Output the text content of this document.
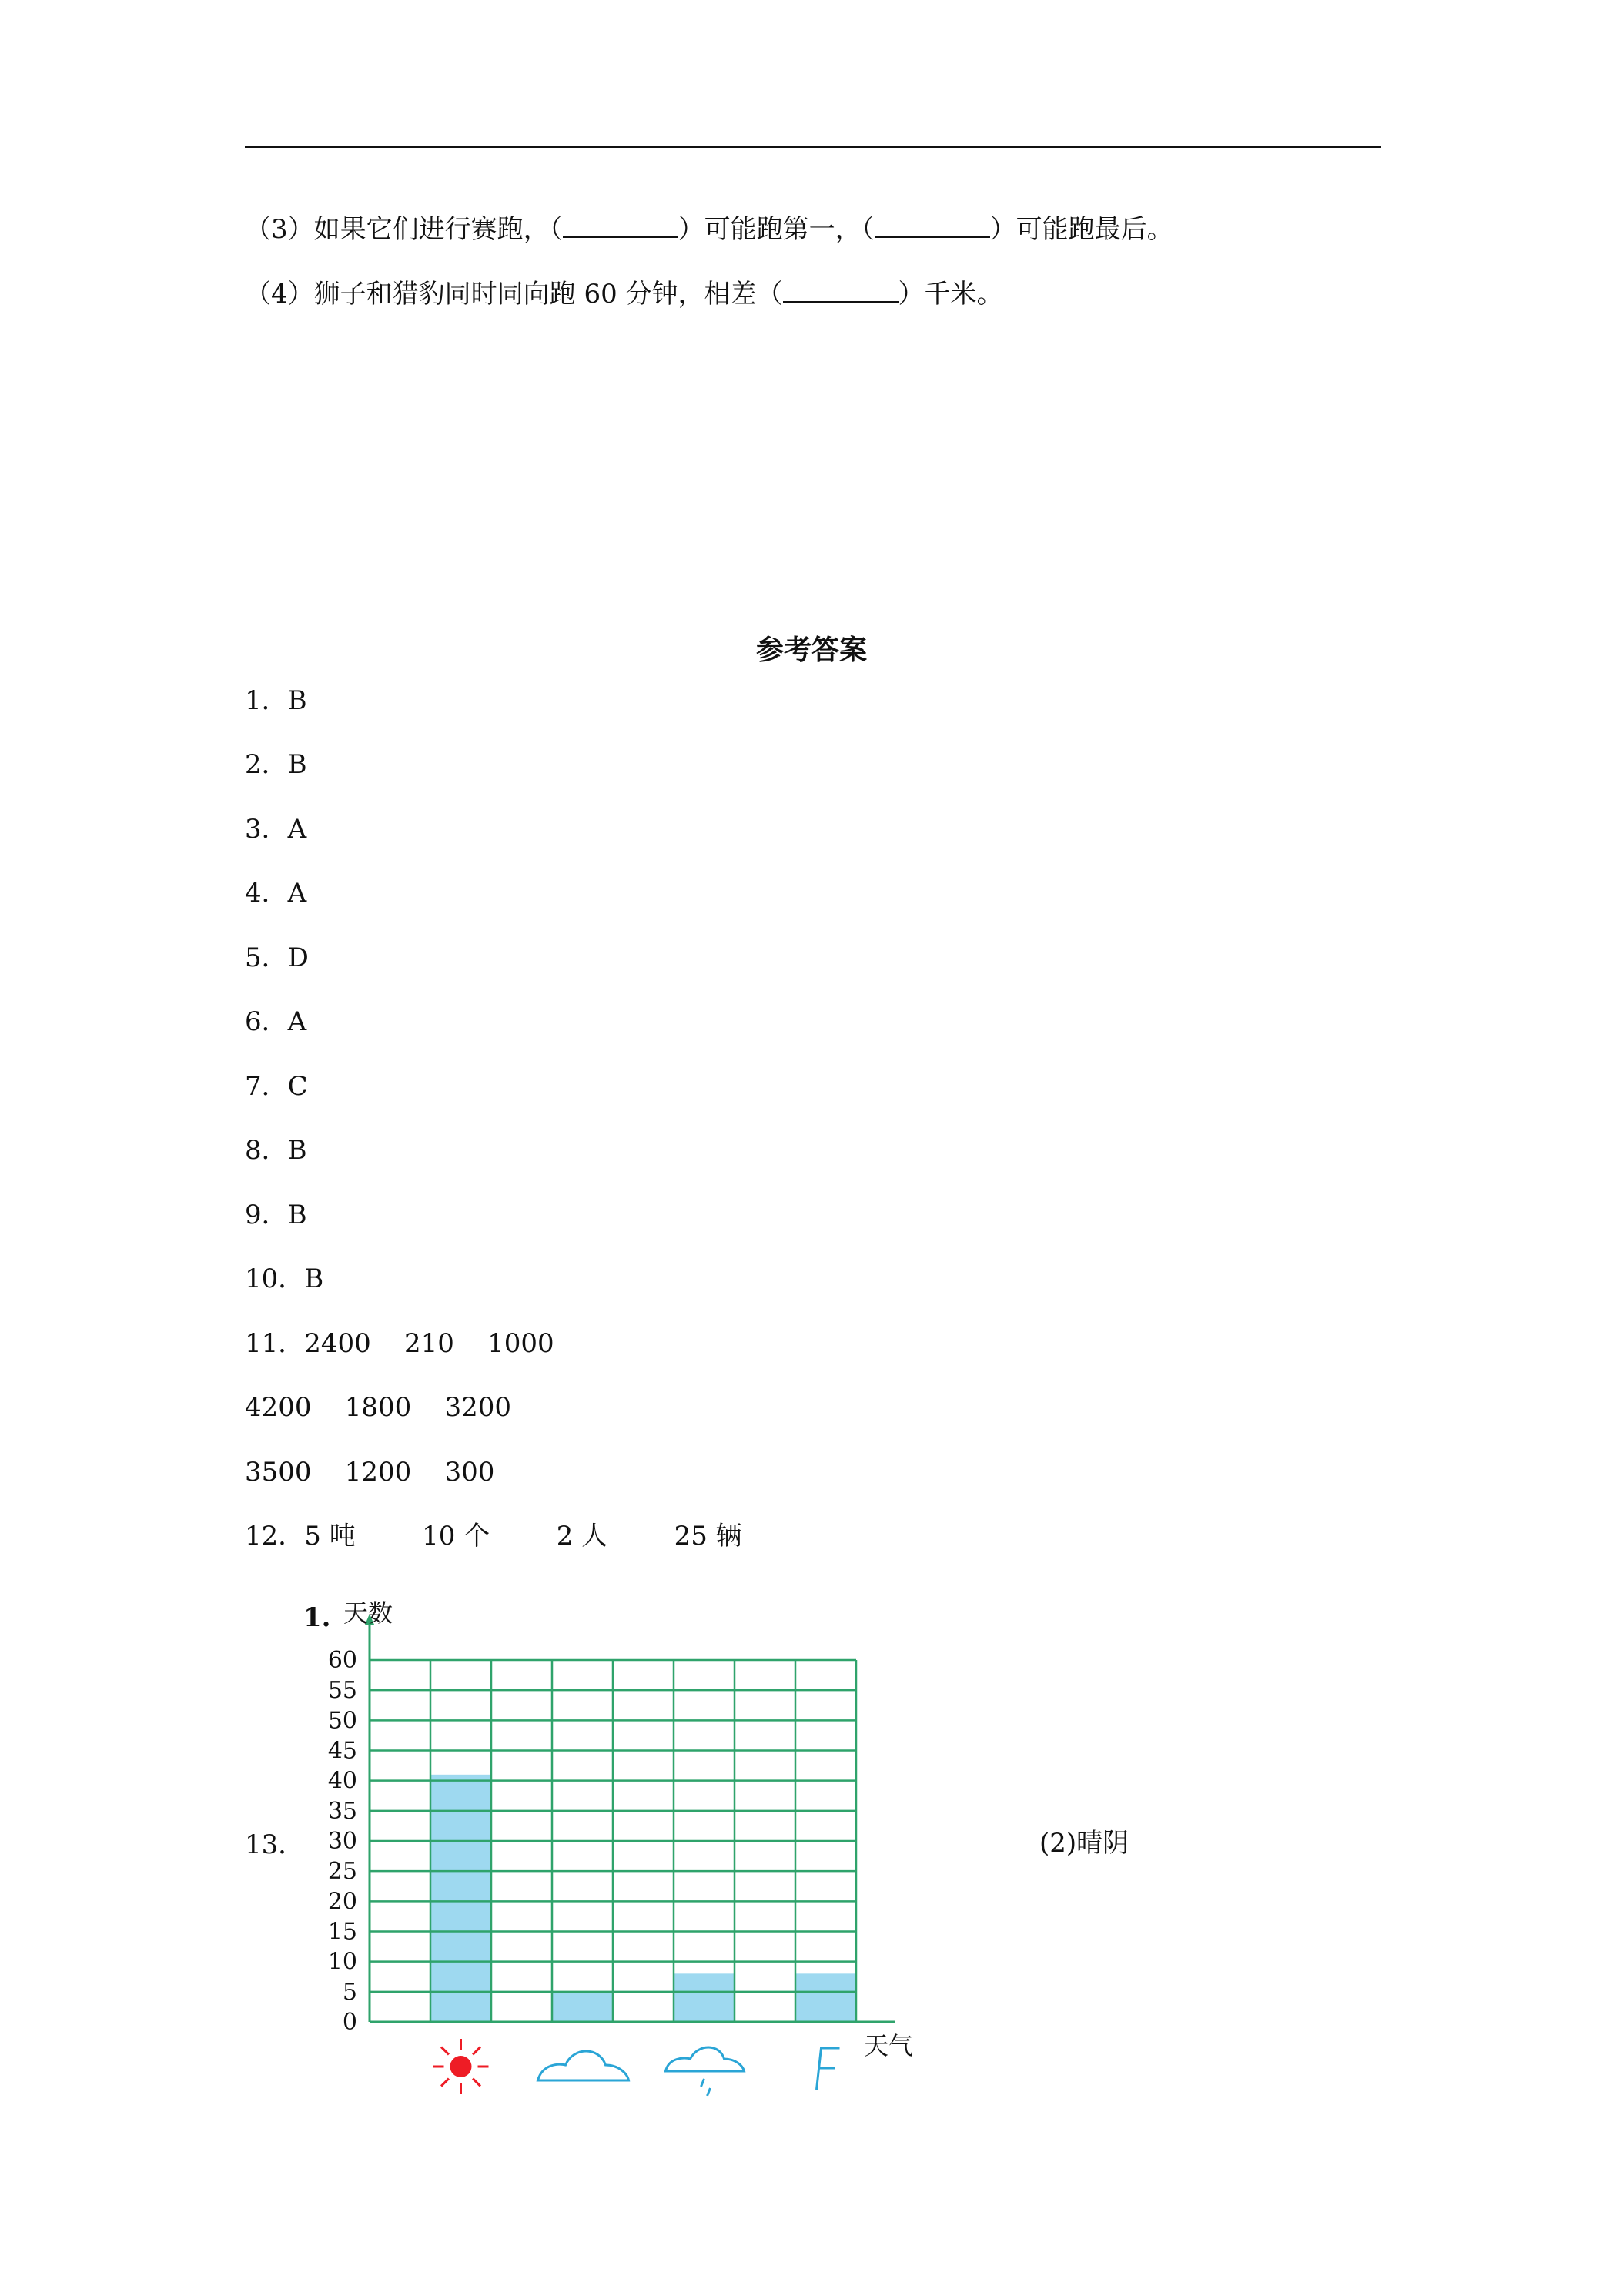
（3）如果它们进行赛跑，（	）可能跑第一，（	）可能跑最后。
（4）狮子和猎豹同时同向跑 60 分钟，相差（	）千米。
参考答案
1．B
2．B
3．A
4．A
5．D
6．A
7．C
8．B
9．B
10．B
11．2400    210    1000
4200    1800    3200
3500    1200    300
12．5 吨        10 个        2 人        25 辆
13．	(2)晴阴
0
5
10
15
20
25
30
35
40
45
50
55
60
1. 天数
天气
